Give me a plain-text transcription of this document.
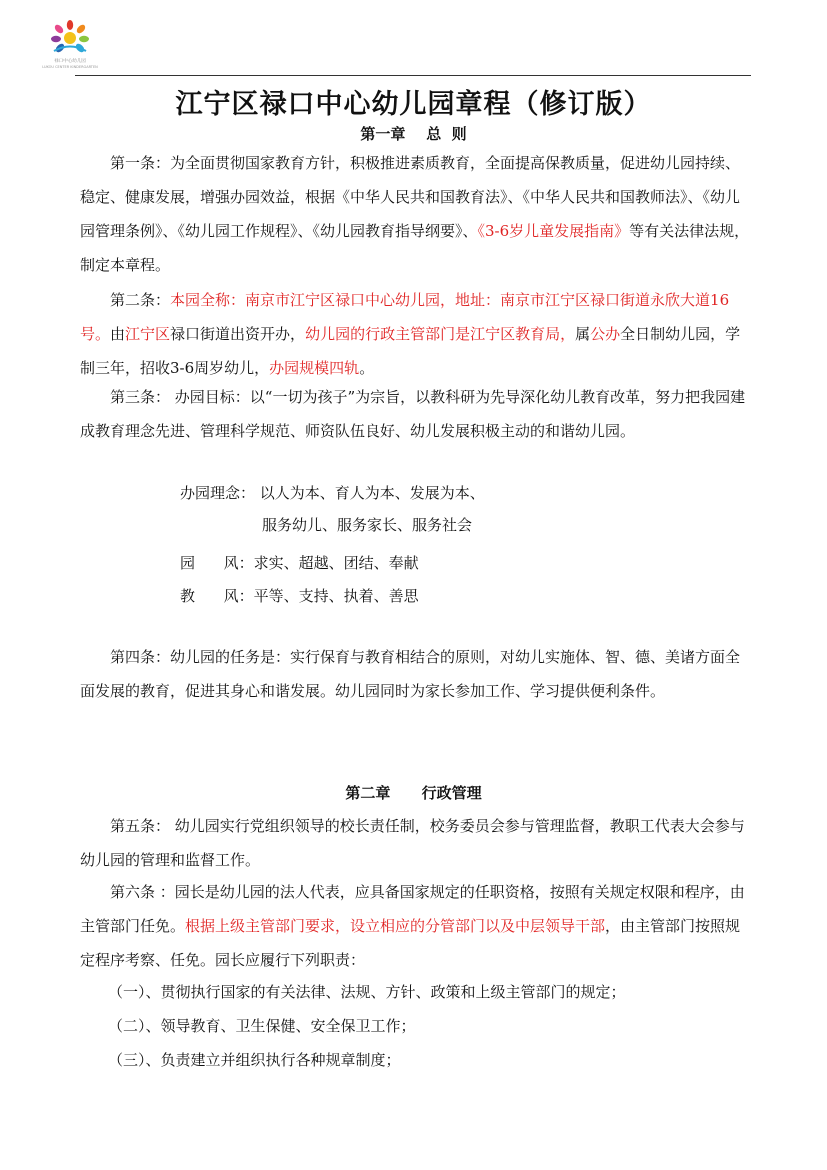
禄口中心幼儿园
LUKOU CENTER KINDERGARTEN
江宁区禄口中心幼儿园章程（修订版）
第一章    总  则

第一条：为全面贯彻国家教育方针，积极推进素质教育，全面提高保教质量，促进幼儿园持续、稳定、健康发展，增强办园效益，根据《中华人民共和国教育法》、《中华人民共和国教师法》、《幼儿园管理条例》、《幼儿园工作规程》、《幼儿园教育指导纲要》、《3-6岁儿童发展指南》等有关法律法规，制定本章程。

第二条：本园全称：南京市江宁区禄口中心幼儿园，地址：南京市江宁区禄口街道永欣大道16号。由江宁区禄口街道出资开办，幼儿园的行政主管部门是江宁区教育局，属公办全日制幼儿园，学制三年，招收3-6周岁幼儿，办园规模四轨。

第三条： 办园目标：以“一切为孩子”为宗旨，以教科研为先导深化幼儿教育改革，努力把我园建成教育理念先进、管理科学规范、师资队伍良好、幼儿发展积极主动的和谐幼儿园。

办园理念： 以人为本、育人为本、发展为本、

服务幼儿、服务家长、服务社会

园      风：求实、超越、团结、奉献

教      风：平等、支持、执着、善思

第四条：幼儿园的任务是：实行保育与教育相结合的原则，对幼儿实施体、智、德、美诸方面全面发展的教育，促进其身心和谐发展。幼儿园同时为家长参加工作、学习提供便利条件。

第二章      行政管理

第五条： 幼儿园实行党组织领导的校长责任制，校务委员会参与管理监督，教职工代表大会参与幼儿园的管理和监督工作。

第六条 ：园长是幼儿园的法人代表，应具备国家规定的任职资格，按照有关规定权限和程序，由主管部门任免。根据上级主管部门要求，设立相应的分管部门以及中层领导干部，由主管部门按照规定程序考察、任免。园长应履行下列职责：

（一）、贯彻执行国家的有关法律、法规、方针、政策和上级主管部门的规定；

（二）、领导教育、卫生保健、安全保卫工作；

（三）、负责建立并组织执行各种规章制度；
